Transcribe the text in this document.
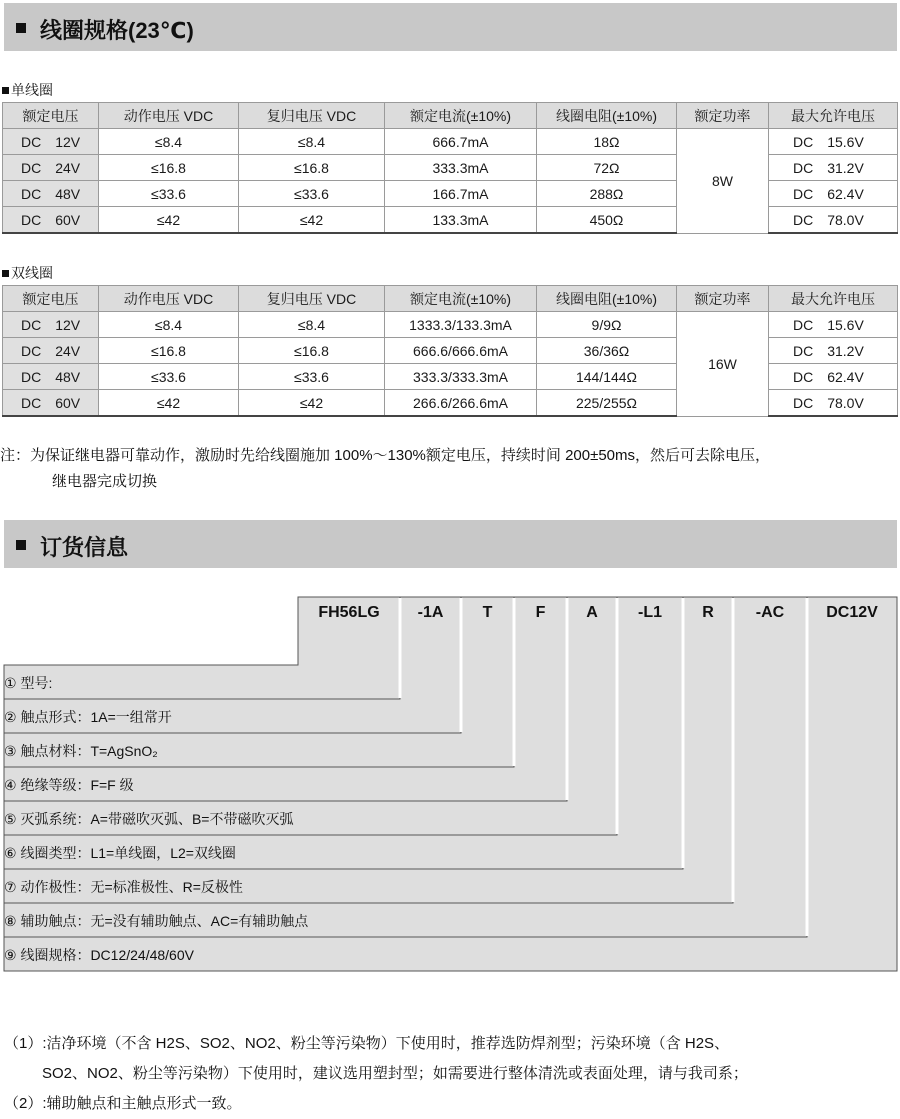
线圈规格(23℃)
单线圈
额定电压	动作电压 VDC	复归电压 VDC	额定电流(±10%)	线圈电阻(±10%)	额定功率	最大允许电压
DC　12V	≤8.4	≤8.4	666.7mA	18Ω	8W	DC　15.6V
DC　24V	≤16.8	≤16.8	333.3mA	72Ω		DC　31.2V
DC　48V	≤33.6	≤33.6	166.7mA	288Ω		DC　62.4V
DC　60V	≤42	≤42	133.3mA	450Ω		DC　78.0V
双线圈
额定电压	动作电压 VDC	复归电压 VDC	额定电流(±10%)	线圈电阻(±10%)	额定功率	最大允许电压
DC　12V	≤8.4	≤8.4	1333.3/133.3mA	9/9Ω	16W	DC　15.6V
DC　24V	≤16.8	≤16.8	666.6/666.6mA	36/36Ω		DC　31.2V
DC　48V	≤33.6	≤33.6	333.3/333.3mA	144/144Ω		DC　62.4V
DC　60V	≤42	≤42	266.6/266.6mA	225/255Ω		DC　78.0V
注：为保证继电器可靠动作，激励时先给线圈施加 100%～130%额定电压，持续时间 200±50ms，然后可去除电压，
继电器完成切换
订货信息
FH56LG	-1A	T	F	A	-L1	R	-AC	DC12V
① 型号:
② 触点形式：1A=一组常开
③ 触点材料：T=AgSnO₂
④ 绝缘等级：F=F 级
⑤ 灭弧系统：A=带磁吹灭弧、B=不带磁吹灭弧
⑥ 线圈类型：L1=单线圈，L2=双线圈
⑦ 动作极性：无=标准极性、R=反极性
⑧ 辅助触点：无=没有辅助触点、AC=有辅助触点
⑨ 线圈规格：DC12/24/48/60V
（1）:洁净环境（不含 H2S、SO2、NO2、粉尘等污染物）下使用时，推荐选防焊剂型；污染环境（含 H2S、
SO2、NO2、粉尘等污染物）下使用时，建议选用塑封型；如需要进行整体清洗或表面处理，请与我司系；
（2）:辅助触点和主触点形式一致。
